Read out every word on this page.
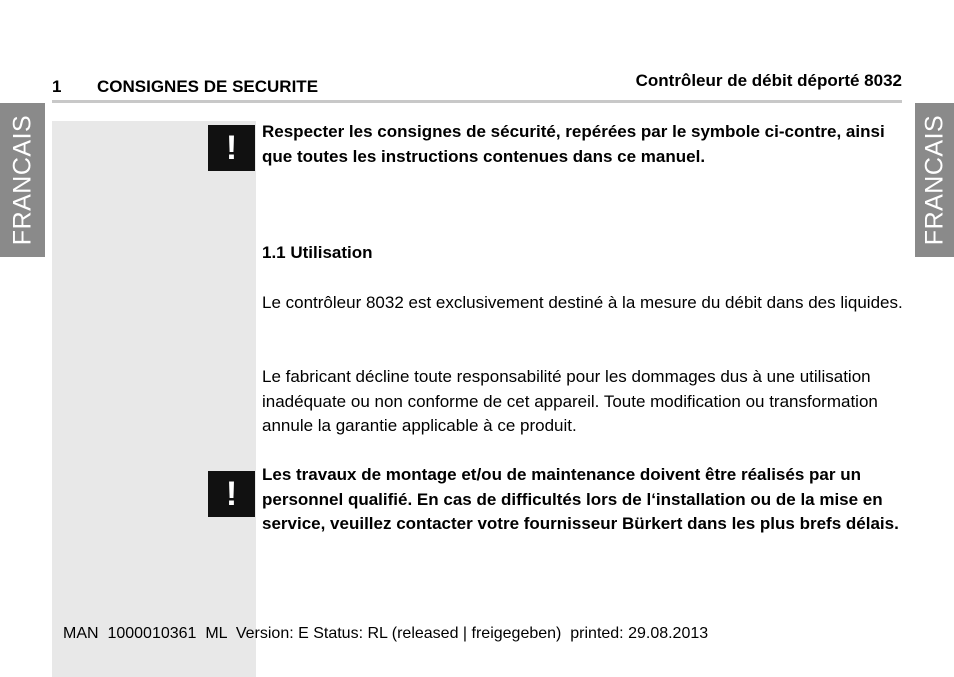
FRANCAIS	FRANCAIS
1 CONSIGNES DE SECURITE	Contrôleur de débit déporté 8032
!
!
Respecter les consignes de sécurité, repérées par le symbole ci-contre, ainsi que toutes les instructions contenues dans ce manuel.
1.1 Utilisation
Le contrôleur 8032 est exclusivement destiné à la mesure du débit dans des liquides.
Le fabricant décline toute responsabilité pour les dommages dus à une utilisation inadéquate ou non conforme de cet appareil. Toute modification ou transformation annule la garantie applicable à ce produit.
Les travaux de montage et/ou de maintenance doivent être réalisés par un personnel qualifié. En cas de difficultés lors de l‘installation ou de la mise en service, veuillez contacter votre fournisseur Bürkert dans les plus brefs délais.
MAN  1000010361  ML  Version: E Status: RL (released | freigegeben)  printed: 29.08.2013
